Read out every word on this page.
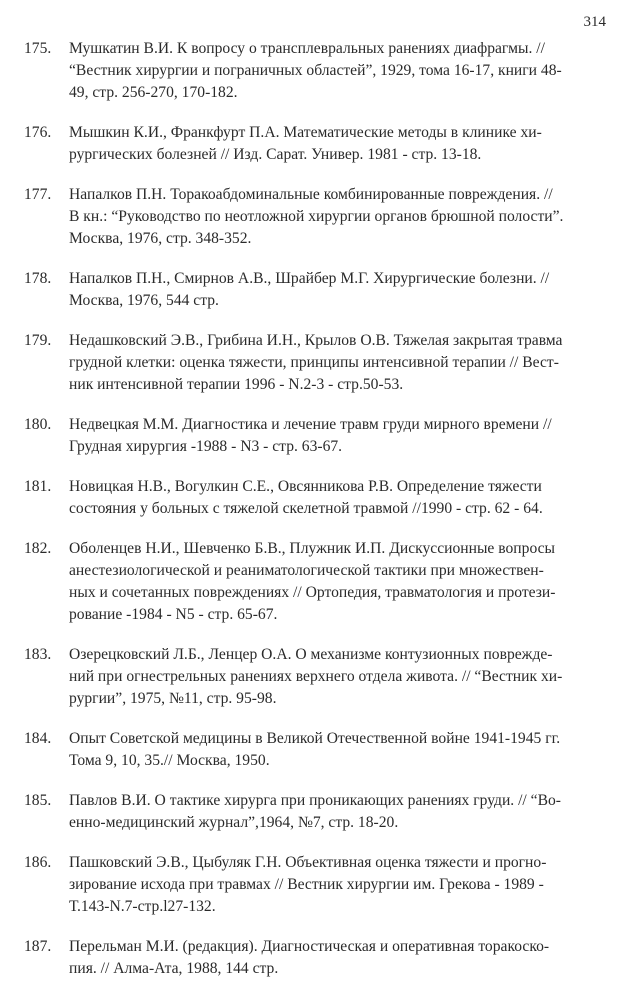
314
175. Мушкатин В.И. К вопросу о трансплевральных ранениях диафрагмы. //
“Вестник хирургии и пограничных областей”, 1929, тома 16-17, книги 48-
49, стр. 256-270, 170-182.
176. Мышкин К.И., Франкфурт П.А. Математические методы в клинике хи-
рургических болезней // Изд. Сарат. Универ. 1981 - стр. 13-18.
177. Напалков П.Н. Торакоабдоминальные комбинированные повреждения. //
В кн.: “Руководство по неотложной хирургии органов брюшной полости”.
Москва, 1976, стр. 348-352.
178. Напалков П.Н., Смирнов А.В., Шрайбер М.Г. Хирургические болезни. //
Москва, 1976, 544 стр.
179. Недашковский Э.В., Грибина И.Н., Крылов О.В. Тяжелая закрытая травма
грудной клетки: оценка тяжести, принципы интенсивной терапии // Вест-
ник интенсивной терапии 1996 - N.2-3 - стр.50-53.
180. Недвецкая М.М. Диагностика и лечение травм груди мирного времени //
Грудная хирургия -1988 - N3 - стр. 63-67.
181. Новицкая Н.В., Вогулкин С.Е., Овсянникова Р.В. Определение тяжести
состояния у больных с тяжелой скелетной травмой //1990 - стр. 62 - 64.
182. Оболенцев Н.И., Шевченко Б.В., Плужник И.П. Дискуссионные вопросы
анестезиологической и реаниматологической тактики при множествен-
ных и сочетанных повреждениях // Ортопедия, травматология и протези-
рование -1984 - N5 - стр. 65-67.
183. Озерецковский Л.Б., Ленцер О.А. О механизме контузионных поврежде-
ний при огнестрельных ранениях верхнего отдела живота. // “Вестник хи-
рургии”, 1975, №11, стр. 95-98.
184. Опыт Советской медицины в Великой Отечественной войне 1941-1945 гг.
Тома 9, 10, 35.// Москва, 1950.
185. Павлов В.И. О тактике хирурга при проникающих ранениях груди. // “Во-
енно-медицинский журнал”,1964, №7, стр. 18-20.
186. Пашковский Э.В., Цыбуляк Г.Н. Объективная оценка тяжести и прогно-
зирование исхода при травмах // Вестник хирургии им. Грекова - 1989 -
Т.143-N.7-стр.l27-132.
187. Перельман М.И. (редакция). Диагностическая и оперативная торакоско-
пия. // Алма-Ата, 1988, 144 стр.
